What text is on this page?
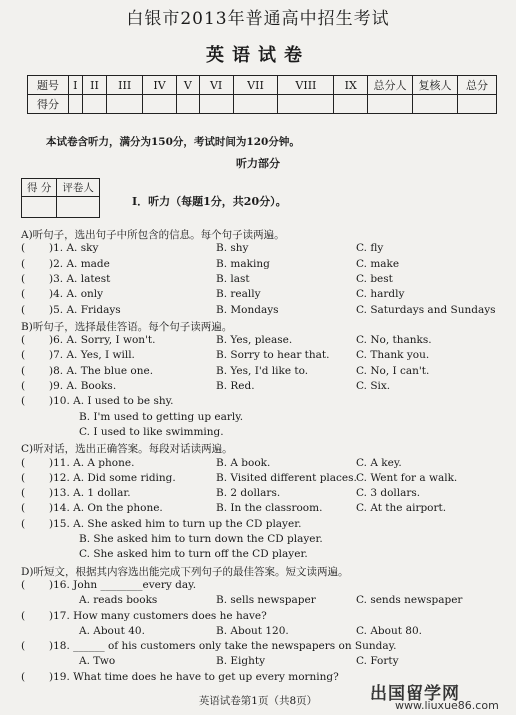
白银市2013年普通高中招生考试
英语试卷
题号	I	II	III	IV	V	VI	VII	VIII	IX	总分人	复核人	总分
得分												
本试卷含听力，满分为150分，考试时间为120分钟。
听力部分
得 分	评卷人

I．听力（每题1分，共20分）。
A)听句子，选出句子中所包含的信息。每个句子读两遍。
( )1. A. sky	B. shy	C. fly
( )2. A. made	B. making	C. make
( )3. A. latest	B. last	C. best
( )4. A. only	B. really	C. hardly
( )5. A. Fridays	B. Mondays	C. Saturdays and Sundays
B)听句子，选择最佳答语。每个句子读两遍。
( )6. A. Sorry, I won't.	B. Yes, please.	C. No, thanks.
( )7. A. Yes, I will.	B. Sorry to hear that.	C. Thank you.
( )8. A. The blue one.	B. Yes, I'd like to.	C. No, I can't.
( )9. A. Books.	B. Red.	C. Six.
( )10. A. I used to be shy.
B. I'm used to getting up early.
C. I used to like swimming.
C)听对话，选出正确答案。每段对话读两遍。
( )11. A. A phone.	B. A book.	C. A key.
( )12. A. Did some riding.	B. Visited different places. C. Went for a walk.
( )13. A. 1 dollar.	B. 2 dollars.	C. 3 dollars.
( )14. A. On the phone.	B. In the classroom.	C. At the airport.
( )15. A. She asked him to turn up the CD player.
B. She asked him to turn down the CD player.
C. She asked him to turn off the CD player.
D)听短文，根据其内容选出能完成下列句子的最佳答案。短文读两遍。
( )16. John ________every day.
A. reads books	B. sells newspaper	C. sends newspaper
( )17. How many customers does he have?
A. About 40.	B. About 120.	C. About 80.
( )18. ______ of his customers only take the newspapers on Sunday.
A. Two	B. Eighty	C. Forty
( )19. What time does he have to get up every morning?
英语试卷第1页（共8页）	出国留学网
www.liuxue86.com
